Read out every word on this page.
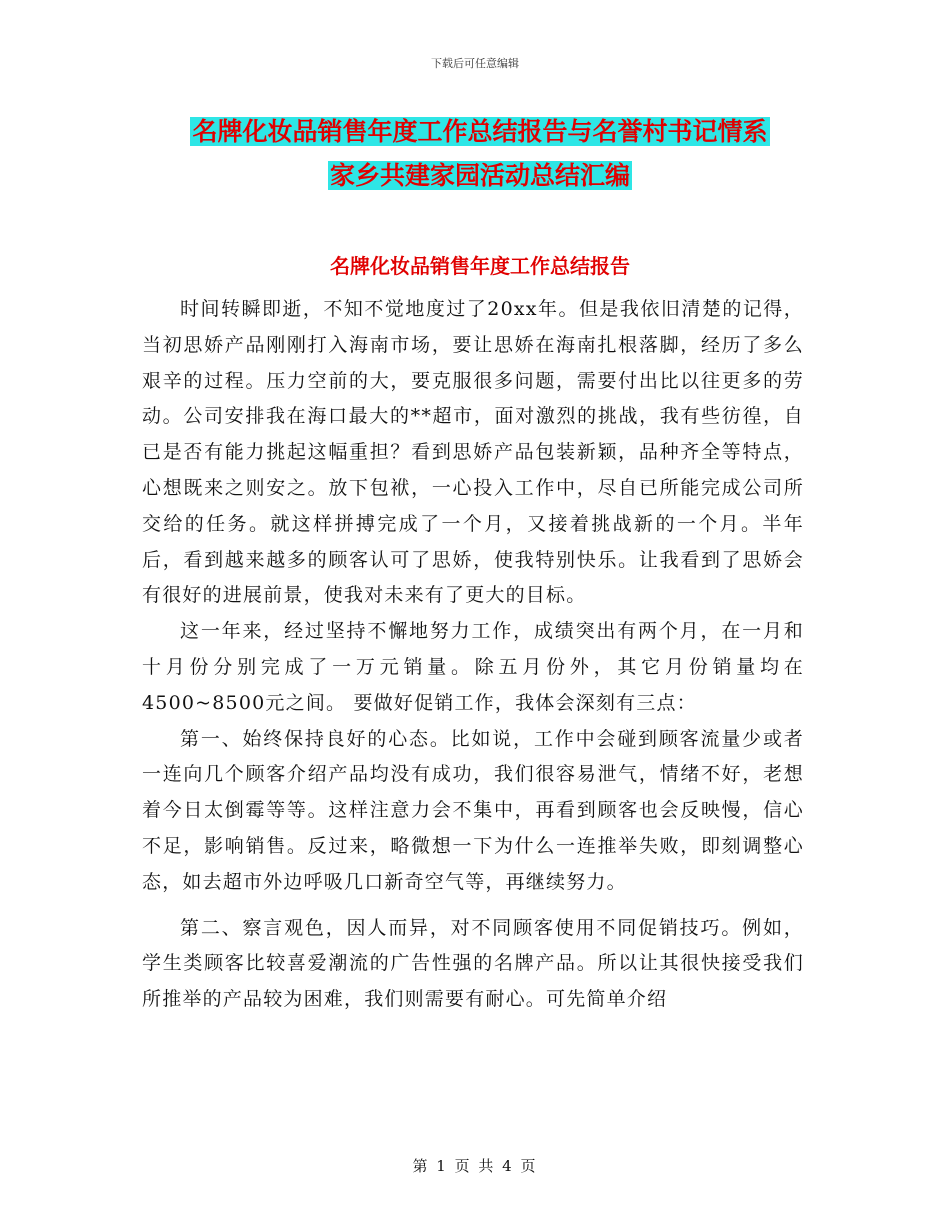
下载后可任意编辑
名牌化妆品销售年度工作总结报告与名誉村书记情系
家乡共建家园活动总结汇编
名牌化妆品销售年度工作总结报告

时间转瞬即逝，不知不觉地度过了20xx年。但是我依旧清楚的记得，当初思娇产品刚刚打入海南市场，要让思娇在海南扎根落脚，经历了多么艰辛的过程。压力空前的大，要克服很多问题，需要付出比以往更多的劳动。公司安排我在海口最大的**超市，面对激烈的挑战，我有些彷徨，自已是否有能力挑起这幅重担？看到思娇产品包装新颖，品种齐全等特点，心想既来之则安之。放下包袱，一心投入工作中，尽自已所能完成公司所交给的任务。就这样拼搏完成了一个月，又接着挑战新的一个月。半年后，看到越来越多的顾客认可了思娇，使我特别快乐。让我看到了思娇会有很好的进展前景，使我对未来有了更大的目标。

这一年来，经过坚持不懈地努力工作，成绩突出有两个月，在一月和十月份分别完成了一万元销量。除五月份外，其它月份销量均在4500~8500元之间。 要做好促销工作，我体会深刻有三点：

第一、始终保持良好的心态。比如说，工作中会碰到顾客流量少或者一连向几个顾客介绍产品均没有成功，我们很容易泄气，情绪不好，老想着今日太倒霉等等。这样注意力会不集中，再看到顾客也会反映慢，信心不足，影响销售。反过来，略微想一下为什么一连推举失败，即刻调整心态，如去超市外边呼吸几口新奇空气等，再继续努力。

第二、察言观色，因人而异，对不同顾客使用不同促销技巧。例如，学生类顾客比较喜爱潮流的广告性强的名牌产品。所以让其很快接受我们所推举的产品较为困难，我们则需要有耐心。可先简单介绍

第 1 页 共 4 页
